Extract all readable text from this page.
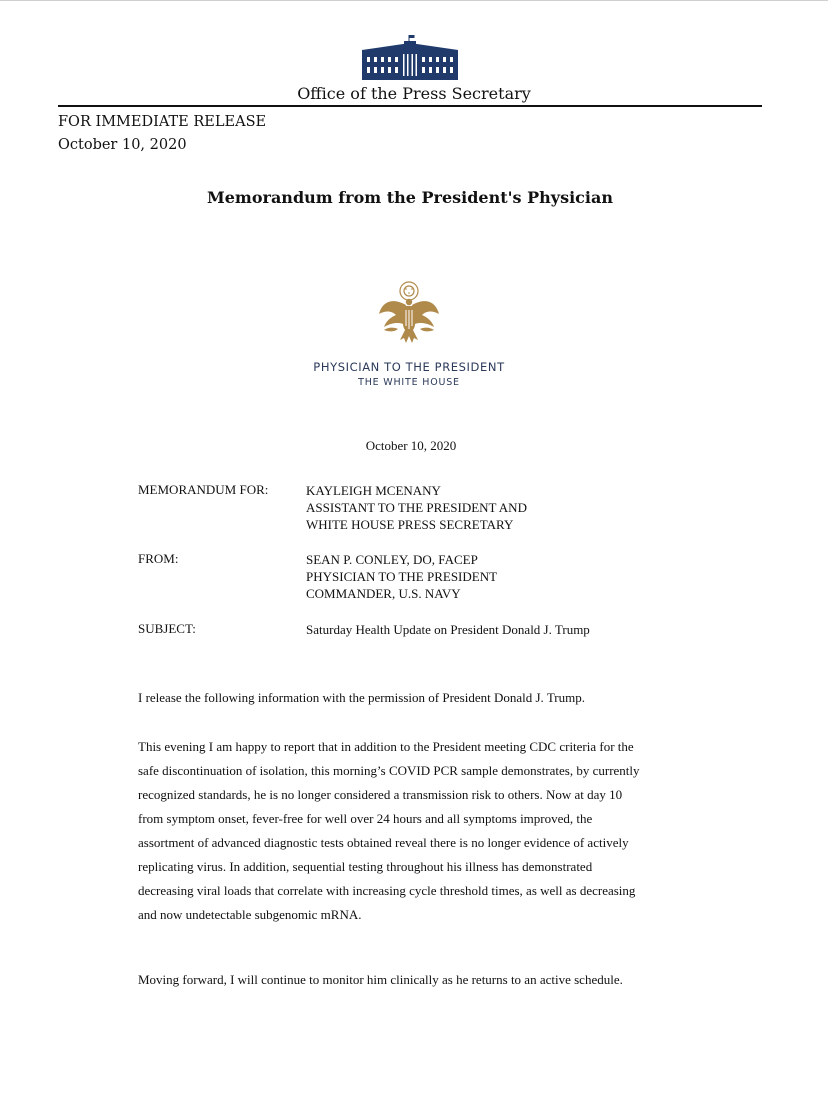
Office of the Press Secretary
FOR IMMEDIATE RELEASE
October 10, 2020
Memorandum from the President's Physician
PHYSICIAN TO THE PRESIDENT
THE WHITE HOUSE
October 10, 2020
MEMORANDUM FOR:	KAYLEIGH MCENANY
ASSISTANT TO THE PRESIDENT AND
WHITE HOUSE PRESS SECRETARY
FROM:	SEAN P. CONLEY, DO, FACEP
PHYSICIAN TO THE PRESIDENT
COMMANDER, U.S. NAVY
SUBJECT:	Saturday Health Update on President Donald J. Trump
I release the following information with the permission of President Donald J. Trump.
This evening I am happy to report that in addition to the President meeting CDC criteria for the
safe discontinuation of isolation, this morning’s COVID PCR sample demonstrates, by currently
recognized standards, he is no longer considered a transmission risk to others. Now at day 10
from symptom onset, fever-free for well over 24 hours and all symptoms improved, the
assortment of advanced diagnostic tests obtained reveal there is no longer evidence of actively
replicating virus. In addition, sequential testing throughout his illness has demonstrated
decreasing viral loads that correlate with increasing cycle threshold times, as well as decreasing
and now undetectable subgenomic mRNA.
Moving forward, I will continue to monitor him clinically as he returns to an active schedule.
